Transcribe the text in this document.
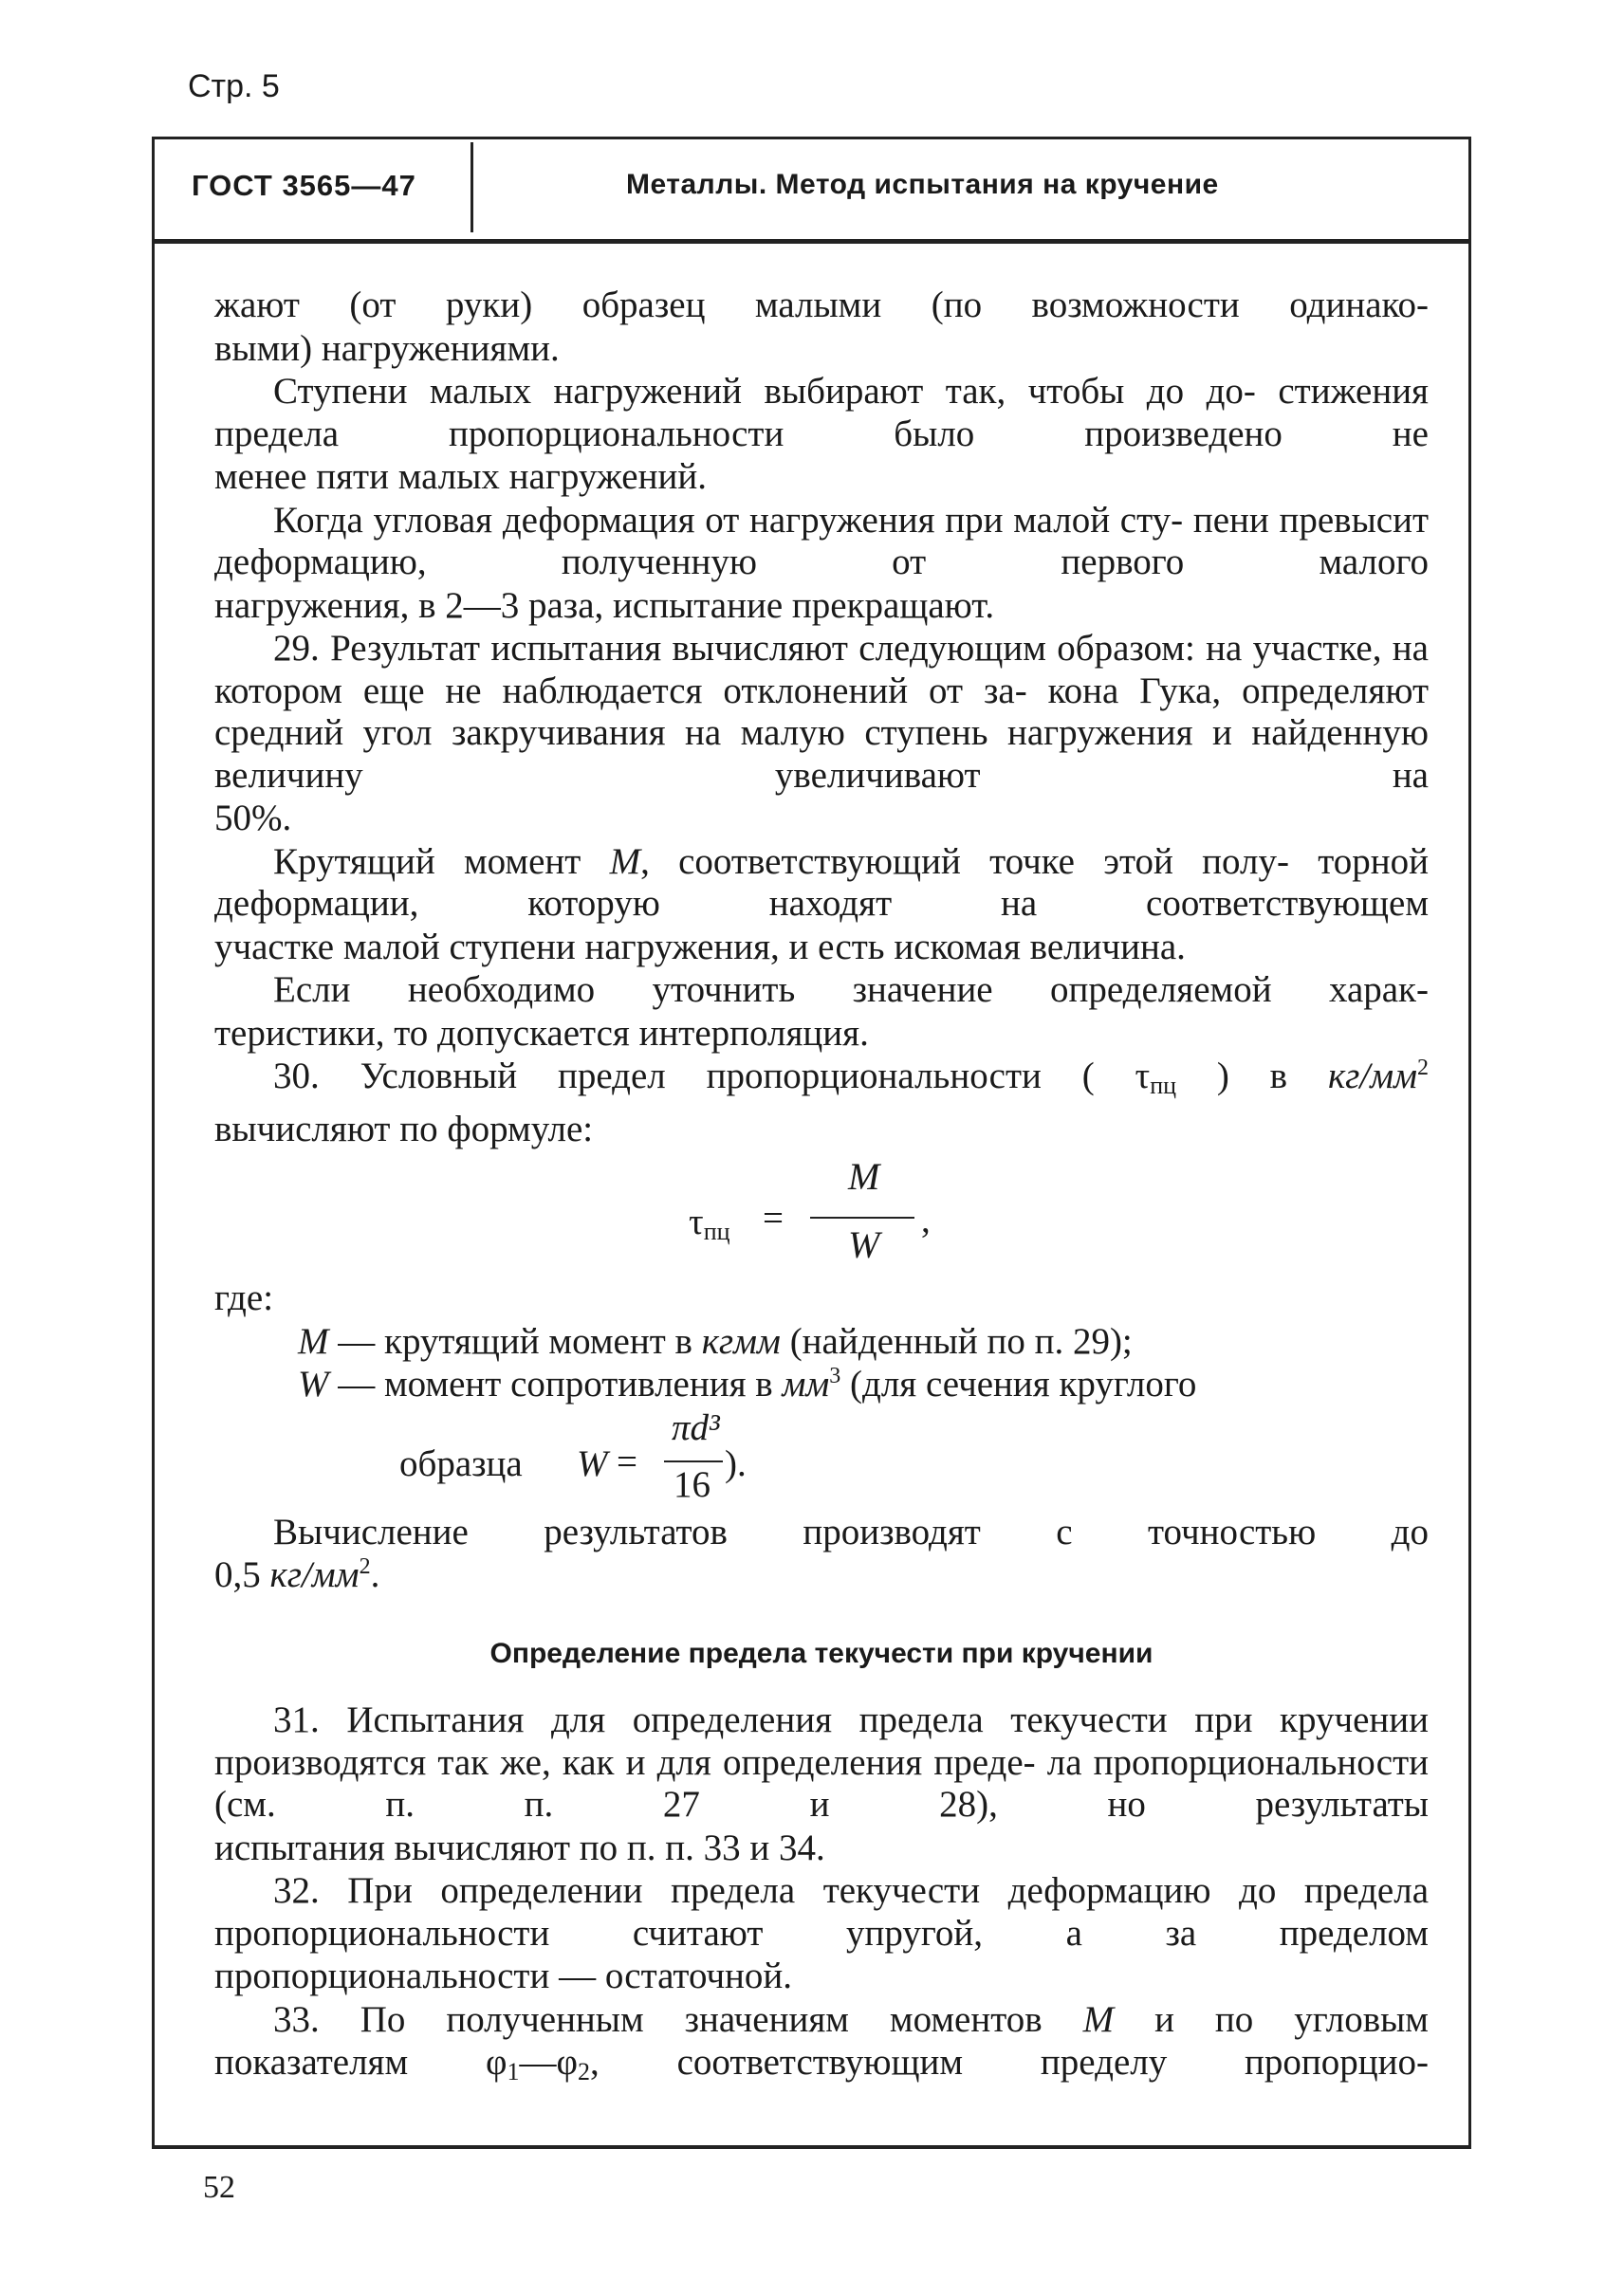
Стр. 5
ГОСТ 3565—47	Металлы. Метод испытания на кручение

жают (от руки) образец малыми (по возможности одинако-

выми) нагружениями.

Ступени малых нагружений выбирают так, чтобы до до- стижения предела пропорциональности было произведено не

менее пяти малых нагружений.

Когда угловая деформация от нагружения при малой сту- пени превысит деформацию, полученную от первого малого

нагружения, в 2—3 раза, испытание прекращают.

29. Результат испытания вычисляют следующим образом: на участке, на котором еще не наблюдается отклонений от за- кона Гука, определяют средний угол закручивания на малую ступень нагружения и найденную величину увеличивают на

50%.

Крутящий момент М, соответствующий точке этой полу- торной деформации, которую находят на соответствующем

участке малой ступени нагружения, и есть искомая величина.

Если необходимо уточнить значение определяемой харак-

теристики, то допускается интерполяция.

30. Условный предел пропорциональности ( $\tau_{пц}$ ) в $кг/мм^2$

вычисляют по формуле:

$\tau_{пц}$ =
M
W
,

где:

М — крутящий момент в кгмм (найденный по п. 29);

W — момент сопротивления в $мм^3$ (для сечения круглого

образца W =
πd³
16
).

Вычисление результатов производят с точностью до

0,5 $кг/мм^2$.

Определение предела текучести при кручении

31. Испытания для определения предела текучести при кручении производятся так же, как и для определения преде- ла пропорциональности (см. п. п. 27 и 28), но результаты

испытания вычисляют по п. п. 33 и 34.

32. При определении предела текучести деформацию до предела пропорциональности считают упругой, а за пределом

пропорциональности — остаточной.

33. По полученным значениям моментов М и по угловым

показателям $\varphi_1—\varphi_2$, соответствующим пределу пропорцио-

52
